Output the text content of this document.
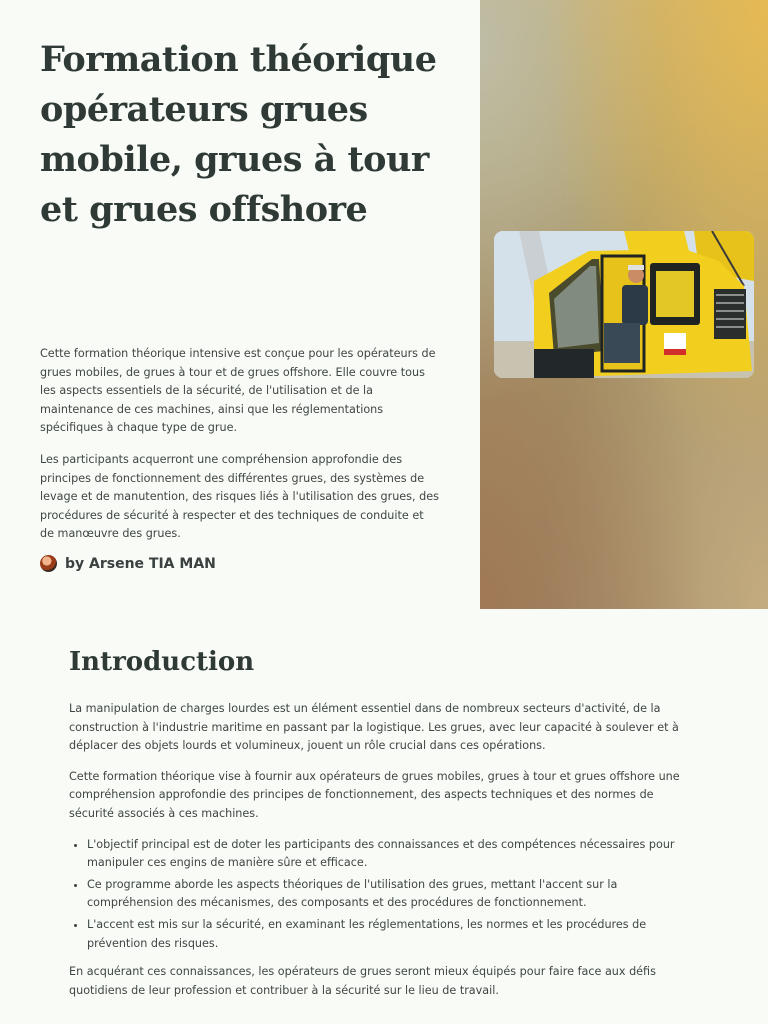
Formation théorique opérateurs grues mobile, grues à tour et grues offshore

Cette formation théorique intensive est conçue pour les opérateurs de grues mobiles, de grues à tour et de grues offshore. Elle couvre tous les aspects essentiels de la sécurité, de l'utilisation et de la maintenance de ces machines, ainsi que les réglementations spécifiques à chaque type de grue.

Les participants acquerront une compréhension approfondie des principes de fonctionnement des différentes grues, des systèmes de levage et de manutention, des risques liés à l'utilisation des grues, des procédures de sécurité à respecter et des techniques de conduite et de manœuvre des grues.

by Arsene TIA MAN
Introduction

La manipulation de charges lourdes est un élément essentiel dans de nombreux secteurs d'activité, de la construction à l'industrie maritime en passant par la logistique. Les grues, avec leur capacité à soulever et à déplacer des objets lourds et volumineux, jouent un rôle crucial dans ces opérations.

Cette formation théorique vise à fournir aux opérateurs de grues mobiles, grues à tour et grues offshore une compréhension approfondie des principes de fonctionnement, des aspects techniques et des normes de sécurité associés à ces machines.

• L'objectif principal est de doter les participants des connaissances et des compétences nécessaires pour manipuler ces engins de manière sûre et efficace.
• Ce programme aborde les aspects théoriques de l'utilisation des grues, mettant l'accent sur la compréhension des mécanismes, des composants et des procédures de fonctionnement.
• L'accent est mis sur la sécurité, en examinant les réglementations, les normes et les procédures de prévention des risques.

En acquérant ces connaissances, les opérateurs de grues seront mieux équipés pour faire face aux défis quotidiens de leur profession et contribuer à la sécurité sur le lieu de travail.
